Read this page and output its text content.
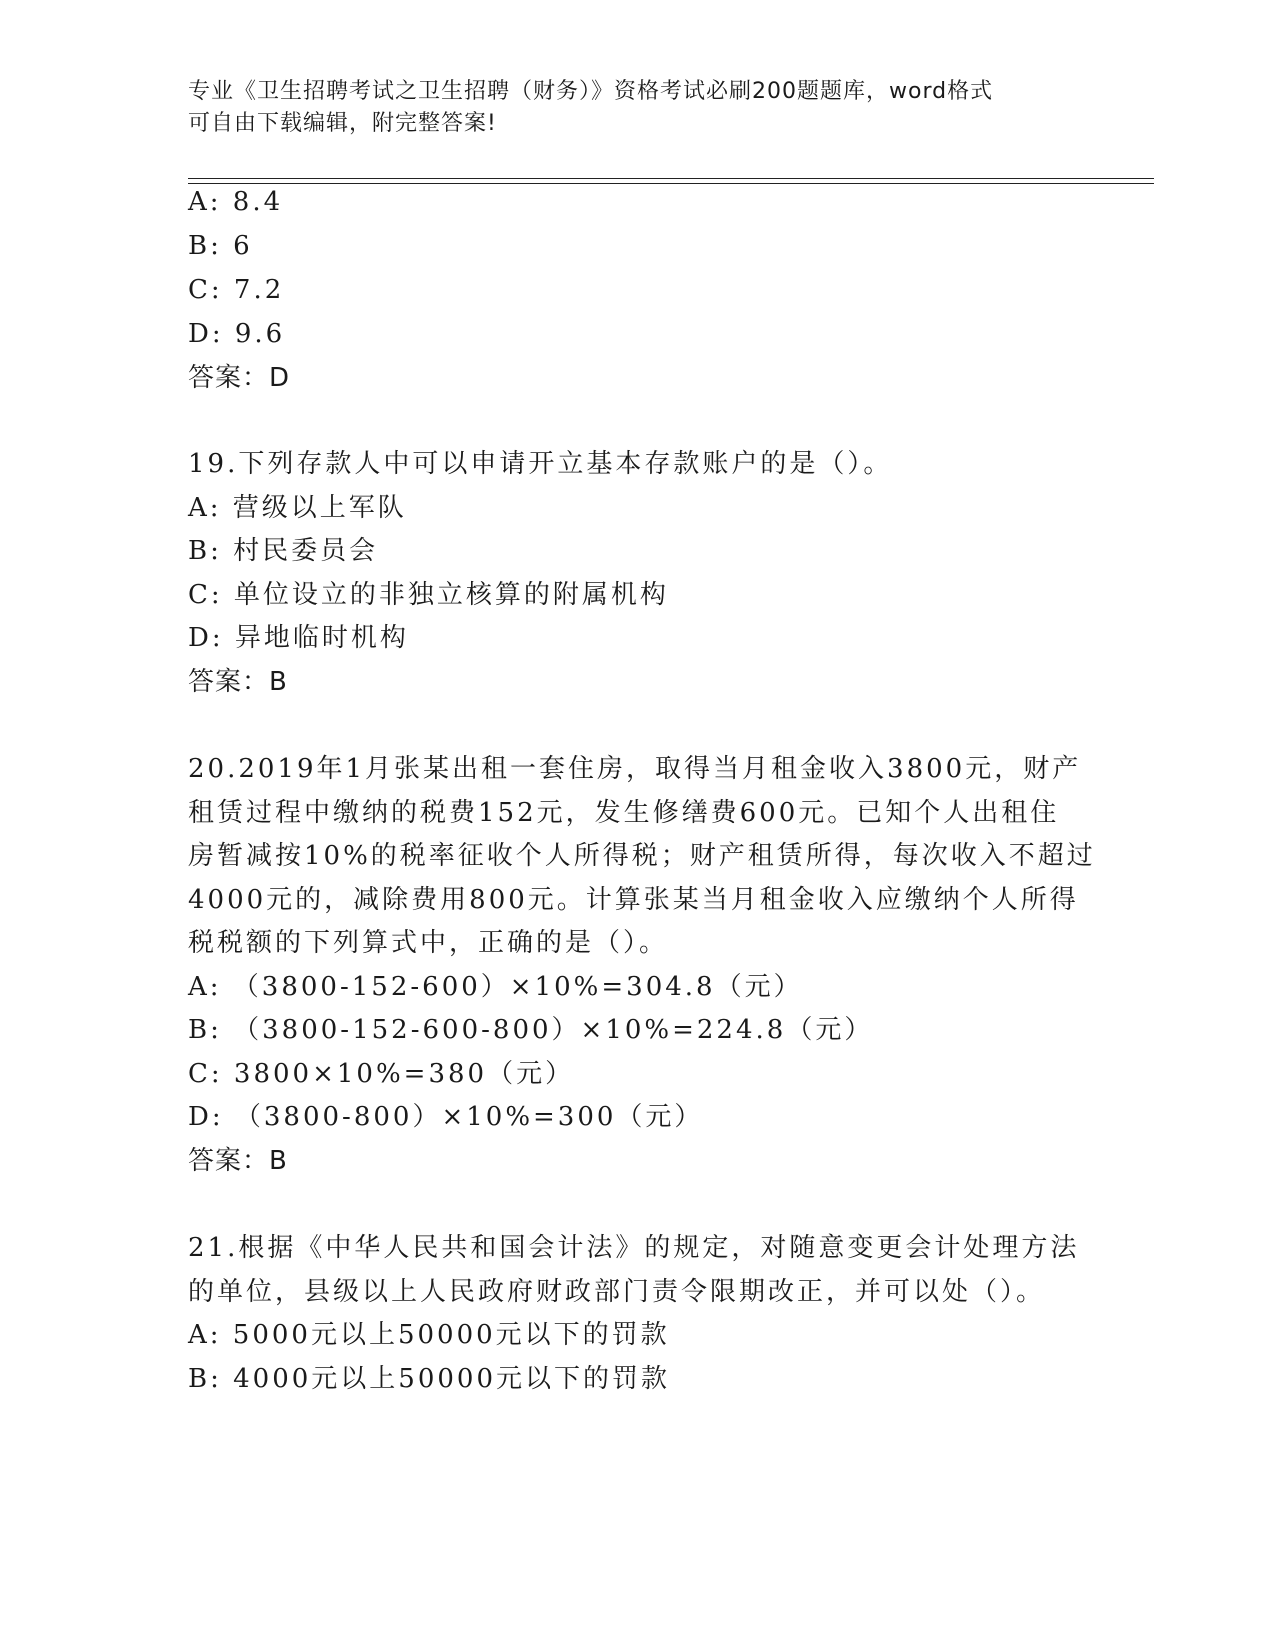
专业《卫生招聘考试之卫生招聘（财务）》资格考试必刷200题题库，word格式
可自由下载编辑，附完整答案!
A: 8.4
B: 6
C: 7.2
D: 9.6
答案：D
19.下列存款人中可以申请开立基本存款账户的是（）。
A: 营级以上军队
B: 村民委员会
C: 单位设立的非独立核算的附属机构
D: 异地临时机构
答案：B
20.2019年1月张某出租一套住房，取得当月租金收入3800元，财产
租赁过程中缴纳的税费152元，发生修缮费600元。已知个人出租住
房暂减按10%的税率征收个人所得税；财产租赁所得，每次收入不超过
4000元的，减除费用800元。计算张某当月租金收入应缴纳个人所得
税税额的下列算式中，正确的是（）。
A: （3800-152-600）×10%=304.8（元）
B: （3800-152-600-800）×10%=224.8（元）
C: 3800×10%=380（元）
D: （3800-800）×10%=300（元）
答案：B
21.根据《中华人民共和国会计法》的规定，对随意变更会计处理方法
的单位，县级以上人民政府财政部门责令限期改正，并可以处（）。
A: 5000元以上50000元以下的罚款
B: 4000元以上50000元以下的罚款
